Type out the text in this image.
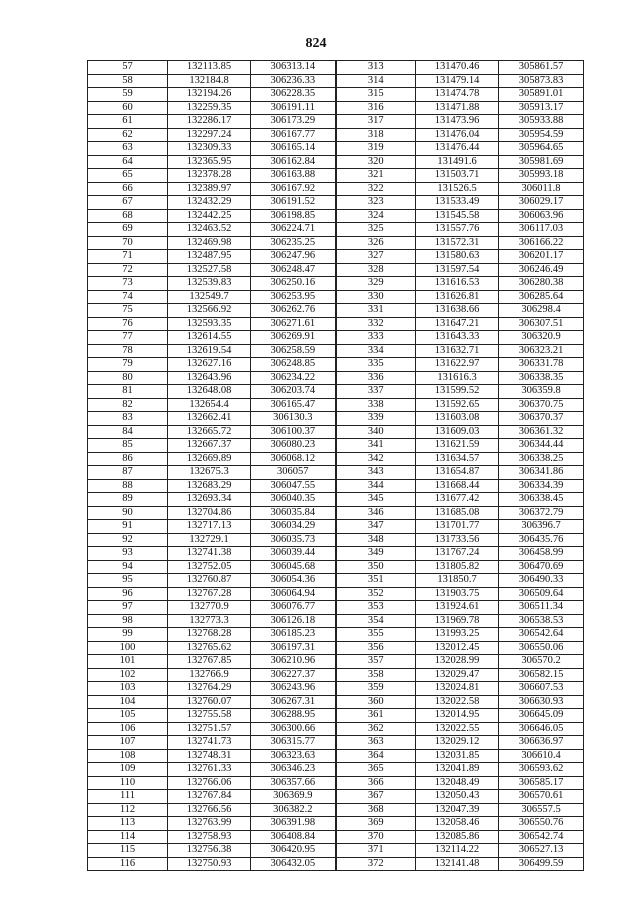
824
57	132113.85	306313.14	313	131470.46	305861.57
58	132184.8	306236.33	314	131479.14	305873.83
59	132194.26	306228.35	315	131474.78	305891.01
60	132259.35	306191.11	316	131471.88	305913.17
61	132286.17	306173.29	317	131473.96	305933.88
62	132297.24	306167.77	318	131476.04	305954.59
63	132309.33	306165.14	319	131476.44	305964.65
64	132365.95	306162.84	320	131491.6	305981.69
65	132378.28	306163.88	321	131503.71	305993.18
66	132389.97	306167.92	322	131526.5	306011.8
67	132432.29	306191.52	323	131533.49	306029.17
68	132442.25	306198.85	324	131545.58	306063.96
69	132463.52	306224.71	325	131557.76	306117.03
70	132469.98	306235.25	326	131572.31	306166.22
71	132487.95	306247.96	327	131580.63	306201.17
72	132527.58	306248.47	328	131597.54	306246.49
73	132539.83	306250.16	329	131616.53	306280.38
74	132549.7	306253.95	330	131626.81	306285.64
75	132566.92	306262.76	331	131638.66	306298.4
76	132593.35	306271.61	332	131647.21	306307.51
77	132614.55	306269.91	333	131643.33	306320.9
78	132619.54	306258.59	334	131632.71	306323.21
79	132627.16	306248.85	335	131622.97	306331.78
80	132643.96	306234.22	336	131616.3	306338.35
81	132648.08	306203.74	337	131599.52	306359.8
82	132654.4	306165.47	338	131592.65	306370.75
83	132662.41	306130.3	339	131603.08	306370.37
84	132665.72	306100.37	340	131609.03	306361.32
85	132667.37	306080.23	341	131621.59	306344.44
86	132669.89	306068.12	342	131634.57	306338.25
87	132675.3	306057	343	131654.87	306341.86
88	132683.29	306047.55	344	131668.44	306334.39
89	132693.34	306040.35	345	131677.42	306338.45
90	132704.86	306035.84	346	131685.08	306372.79
91	132717.13	306034.29	347	131701.77	306396.7
92	132729.1	306035.73	348	131733.56	306435.76
93	132741.38	306039.44	349	131767.24	306458.99
94	132752.05	306045.68	350	131805.82	306470.69
95	132760.87	306054.36	351	131850.7	306490.33
96	132767.28	306064.94	352	131903.75	306509.64
97	132770.9	306076.77	353	131924.61	306511.34
98	132773.3	306126.18	354	131969.78	306538.53
99	132768.28	306185.23	355	131993.25	306542.64
100	132765.62	306197.31	356	132012.45	306550.06
101	132767.85	306210.96	357	132028.99	306570.2
102	132766.9	306227.37	358	132029.47	306582.15
103	132764.29	306243.96	359	132024.81	306607.53
104	132760.07	306267.31	360	132022.58	306630.93
105	132755.58	306288.95	361	132014.95	306645.09
106	132751.57	306300.66	362	132022.55	306646.05
107	132741.73	306315.77	363	132029.12	306636.97
108	132748.31	306323.63	364	132031.85	306610.4
109	132761.33	306346.23	365	132041.89	306593.62
110	132766.06	306357.66	366	132048.49	306585.17
111	132767.84	306369.9	367	132050.43	306570.61
112	132766.56	306382.2	368	132047.39	306557.5
113	132763.99	306391.98	369	132058.46	306550.76
114	132758.93	306408.84	370	132085.86	306542.74
115	132756.38	306420.95	371	132114.22	306527.13
116	132750.93	306432.05	372	132141.48	306499.59
